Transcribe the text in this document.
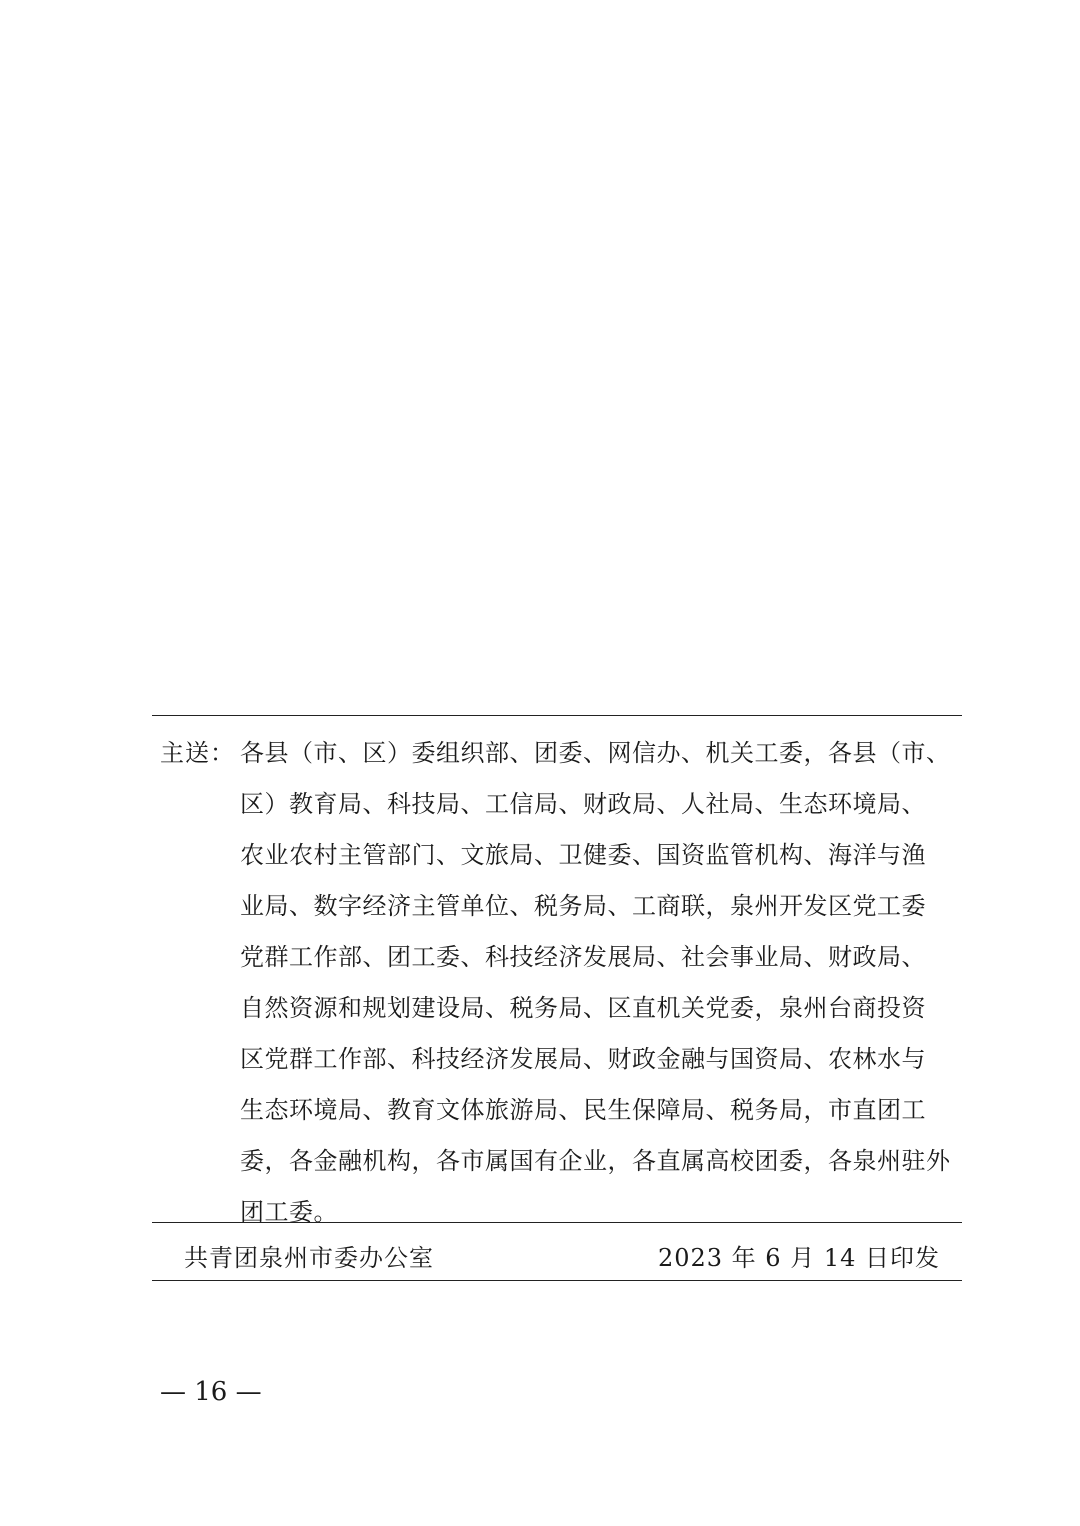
主送： 各县（市、区）委组织部、团委、网信办、机关工委，各县（市、
区）教育局、科技局、工信局、财政局、人社局、生态环境局、
农业农村主管部门、文旅局、卫健委、国资监管机构、海洋与渔
业局、数字经济主管单位、税务局、工商联，泉州开发区党工委
党群工作部、团工委、科技经济发展局、社会事业局、财政局、
自然资源和规划建设局、税务局、区直机关党委，泉州台商投资
区党群工作部、科技经济发展局、财政金融与国资局、农林水与
生态环境局、教育文体旅游局、民生保障局、税务局，市直团工
委，各金融机构，各市属国有企业，各直属高校团委，各泉州驻外
团工委。
共青团泉州市委办公室	2023 年 6 月 14 日印发
— 16 —
